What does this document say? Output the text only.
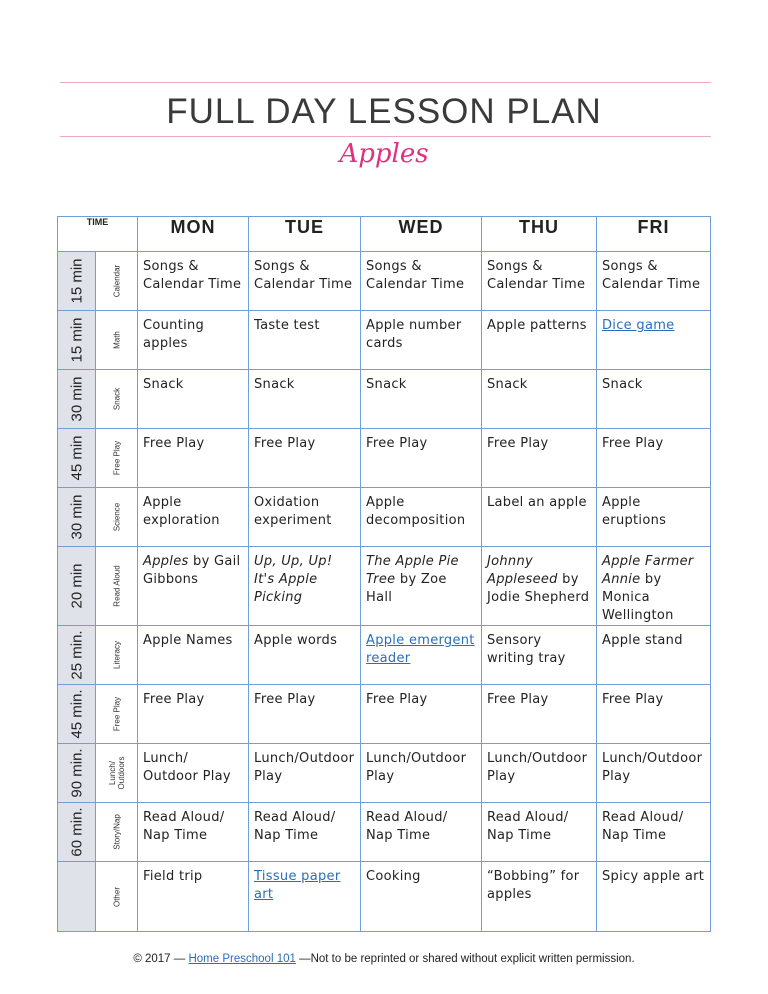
FULL DAY LESSON PLAN
Apples
TIME		MON	TUE	WED	THU	FRI

15 min	Calendar	Songs & Calendar Time	Songs & Calendar Time	Songs & Calendar Time	Songs & Calendar Time	Songs & Calendar Time

15 min	Math	Counting apples	Taste test	Apple number cards	Apple patterns	Dice game

30 min	Snack	Snack	Snack	Snack	Snack	Snack

45 min	Free Play	Free Play	Free Play	Free Play	Free Play	Free Play

30 min	Science	Apple exploration	Oxidation experiment	Apple decomposition	Label an apple	Apple eruptions

20 min	Read Aloud	Apples by Gail Gibbons	Up, Up, Up! It's Apple Picking	The Apple Pie Tree by Zoe Hall	Johnny Appleseed by Jodie Shepherd	Apple Farmer Annie by Monica Wellington

25 min.	Literacy	Apple Names	Apple words	Apple emergent reader	Sensory writing tray	Apple stand

45 min.	Free Play	Free Play	Free Play	Free Play	Free Play	Free Play

90 min.	Lunch/ Outdoors	Lunch/ Outdoor Play	Lunch/Outdoor Play	Lunch/Outdoor Play	Lunch/Outdoor Play	Lunch/Outdoor Play

60 min.	Story/Nap	Read Aloud/ Nap Time	Read Aloud/ Nap Time	Read Aloud/ Nap Time	Read Aloud/ Nap Time	Read Aloud/ Nap Time

	Other	Field trip	Tissue paper art	Cooking	“Bobbing” for apples	Spicy apple art
© 2017 — Home Preschool 101 —Not to be reprinted or shared without explicit written permission.
